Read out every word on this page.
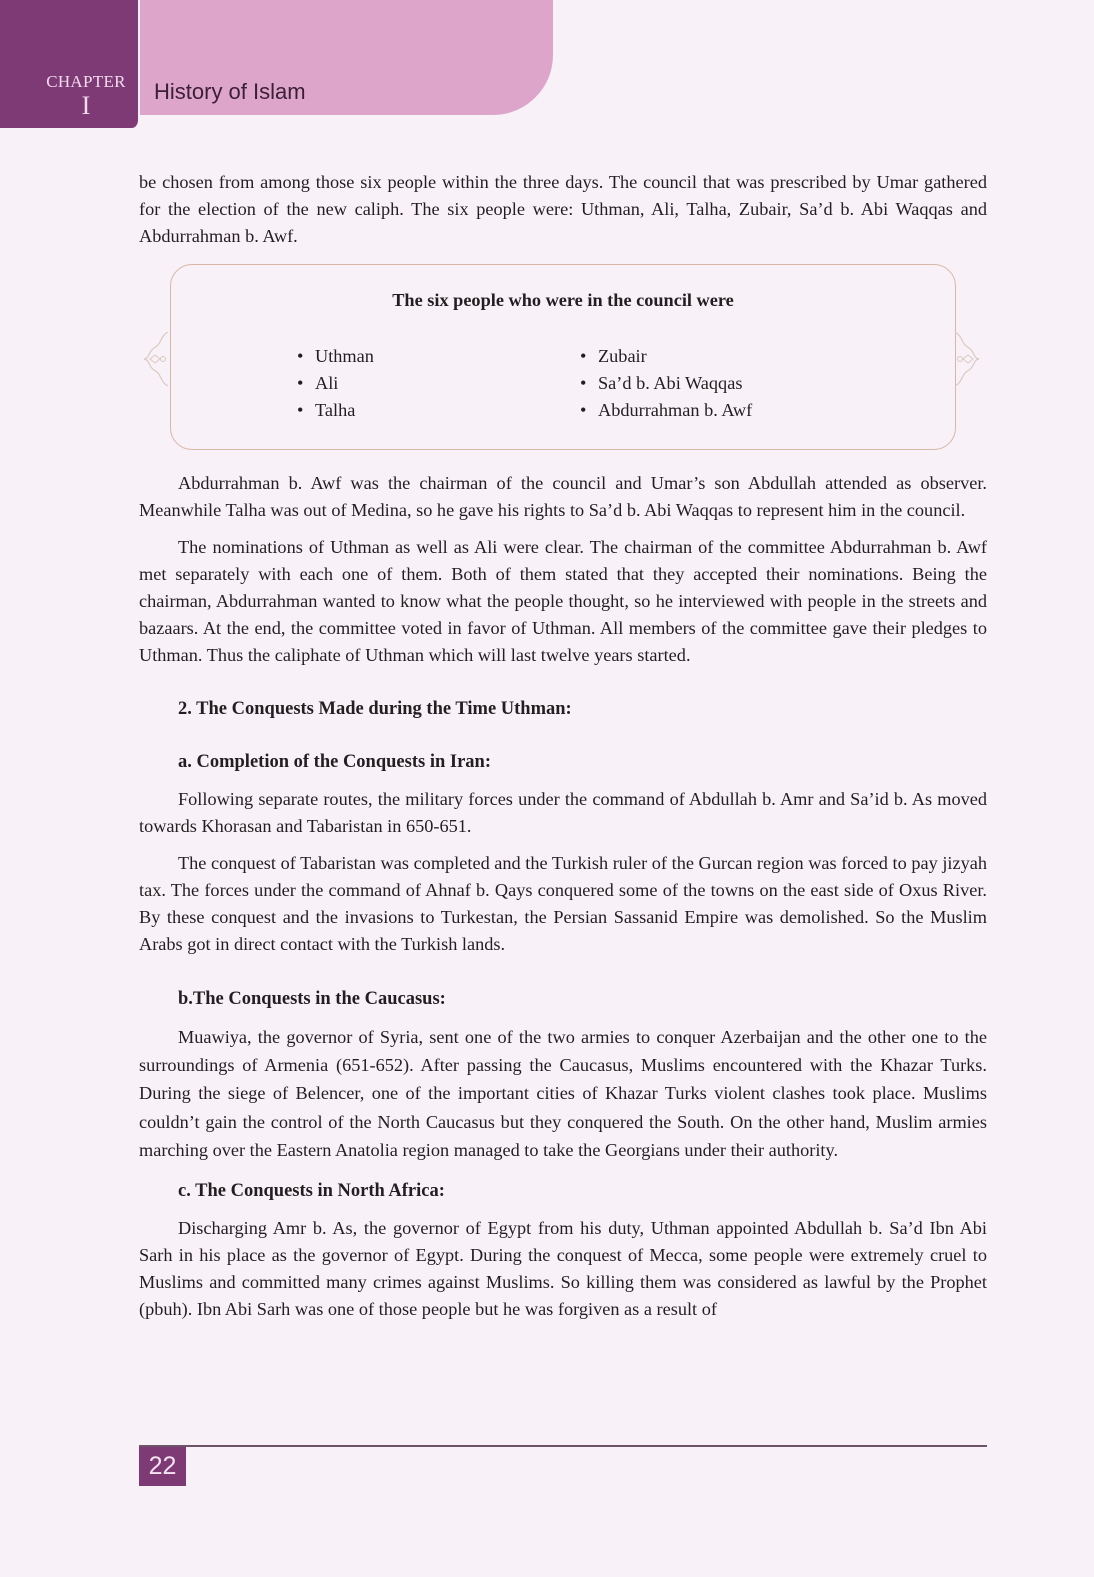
CHAPTER
I	History of Islam

be chosen from among those six people within the three days. The council that was prescribed by Umar gathered for the election of the new caliph. The six people were: Uthman, Ali, Talha, Zubair, Sa’d b. Abi Waqqas and Abdurrahman b. Awf.

The six people who were in the council were
• Uthman
• Ali
• Talha
• Zubair
• Sa’d b. Abi Waqqas
• Abdurrahman b. Awf

Abdurrahman b. Awf was the chairman of the council and Umar’s son Abdullah attended as observer. Meanwhile Talha was out of Medina, so he gave his rights to Sa’d b. Abi Waqqas to represent him in the council.

The nominations of Uthman as well as Ali were clear. The chairman of the committee Abdurrahman b. Awf met separately with each one of them. Both of them stated that they accepted their nominations. Being the chairman, Abdurrahman wanted to know what the people thought, so he interviewed with people in the streets and bazaars. At the end, the committee voted in favor of Uthman. All members of the committee gave their pledges to Uthman. Thus the caliphate of Uthman which will last twelve years started.

2. The Conquests Made during the Time Uthman:

a. Completion of the Conquests in Iran:

Following separate routes, the military forces under the command of Abdullah b. Amr and Sa’id b. As moved towards Khorasan and Tabaristan in 650-651.

The conquest of Tabaristan was completed and the Turkish ruler of the Gurcan region was forced to pay jizyah tax. The forces under the command of Ahnaf b. Qays conquered some of the towns on the east side of Oxus River. By these conquest and the invasions to Turkestan, the Persian Sassanid Empire was demolished. So the Muslim Arabs got in direct contact with the Turkish lands.

b.The Conquests in the Caucasus:

Muawiya, the governor of Syria, sent one of the two armies to conquer Azerbaijan and the other one to the surroundings of Armenia (651-652). After passing the Caucasus, Muslims encountered with the Khazar Turks. During the siege of Belencer, one of the important cities of Khazar Turks violent clashes took place. Muslims couldn’t gain the control of the North Caucasus but they conquered the South. On the other hand, Muslim armies marching over the Eastern Anatolia region managed to take the Georgians under their authority.

c. The Conquests in North Africa:

Discharging Amr b. As, the governor of Egypt from his duty, Uthman appointed Abdullah b. Sa’d Ibn Abi Sarh in his place as the governor of Egypt. During the conquest of Mecca, some people were extremely cruel to Muslims and committed many crimes against Muslims. So killing them was considered as lawful by the Prophet (pbuh). Ibn Abi Sarh was one of those people but he was forgiven as a result of

22
